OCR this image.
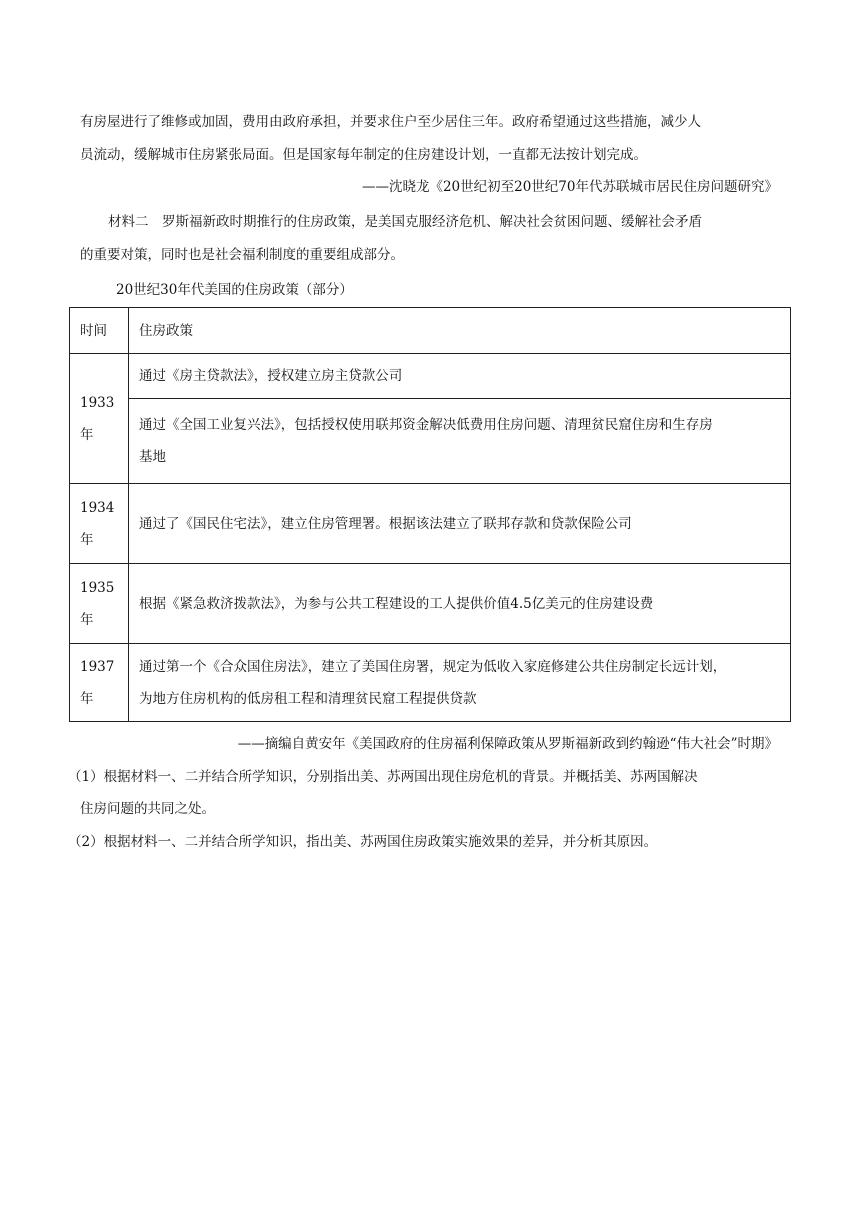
有房屋进行了维修或加固，费用由政府承担，并要求住户至少居住三年。政府希望通过这些措施，减少人
员流动，缓解城市住房紧张局面。但是国家每年制定的住房建设计划，一直都无法按计划完成。
——沈晓龙《20世纪初至20世纪70年代苏联城市居民住房问题研究》
材料二　罗斯福新政时期推行的住房政策，是美国克服经济危机、解决社会贫困问题、缓解社会矛盾
的重要对策，同时也是社会福利制度的重要组成部分。
20世纪30年代美国的住房政策（部分）
时间	住房政策

1933
年	通过《房主贷款法》，授权建立房主贷款公司

	通过《全国工业复兴法》，包括授权使用联邦资金解决低费用住房问题、清理贫民窟住房和生存房
基地

1934
年	通过了《国民住宅法》，建立住房管理署。根据该法建立了联邦存款和贷款保险公司

1935
年	根据《紧急救济拨款法》，为参与公共工程建设的工人提供价值4.5亿美元的住房建设费

1937
年	通过第一个《合众国住房法》，建立了美国住房署，规定为低收入家庭修建公共住房制定长远计划，
为地方住房机构的低房租工程和清理贫民窟工程提供贷款
——摘编自黄安年《美国政府的住房福利保障政策从罗斯福新政到约翰逊“伟大社会”时期》
（1）根据材料一、二并结合所学知识，分别指出美、苏两国出现住房危机的背景。并概括美、苏两国解决
住房问题的共同之处。
（2）根据材料一、二并结合所学知识，指出美、苏两国住房政策实施效果的差异，并分析其原因。
